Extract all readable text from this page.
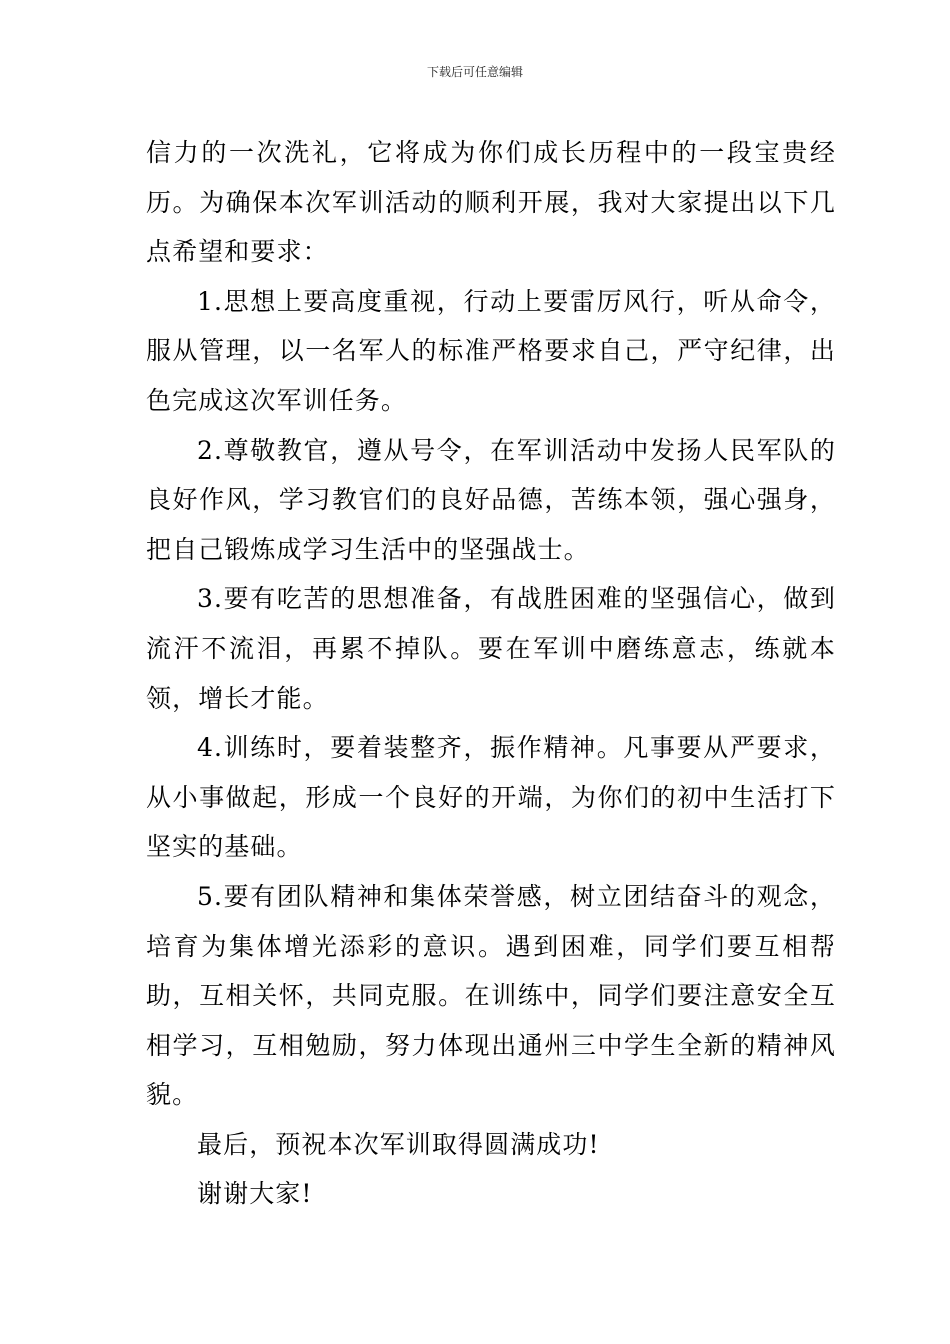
下载后可任意编辑

信力的一次洗礼，它将成为你们成长历程中的一段宝贵经历。为确保本次军训活动的顺利开展，我对大家提出以下几点希望和要求：

1.思想上要高度重视，行动上要雷厉风行，听从命令，服从管理，以一名军人的标准严格要求自己，严守纪律，出色完成这次军训任务。

2.尊敬教官，遵从号令，在军训活动中发扬人民军队的良好作风，学习教官们的良好品德，苦练本领，强心强身，把自己锻炼成学习生活中的坚强战士。

3.要有吃苦的思想准备，有战胜困难的坚强信心，做到流汗不流泪，再累不掉队。要在军训中磨练意志，练就本领，增长才能。

4.训练时，要着装整齐，振作精神。凡事要从严要求，从小事做起，形成一个良好的开端，为你们的初中生活打下坚实的基础。

5.要有团队精神和集体荣誉感，树立团结奋斗的观念，培育为集体增光添彩的意识。遇到困难，同学们要互相帮助，互相关怀，共同克服。在训练中，同学们要注意安全互相学习，互相勉励，努力体现出通州三中学生全新的精神风貌。

最后，预祝本次军训取得圆满成功!

谢谢大家!
